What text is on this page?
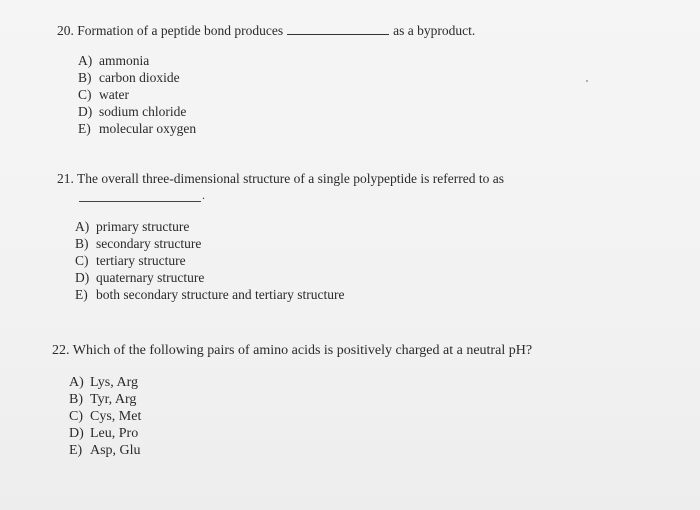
20. Formation of a peptide bond produces	as a byproduct.
A) ammonia
B) carbon dioxide
C) water
D) sodium chloride
E) molecular oxygen
21. The overall three-dimensional structure of a single polypeptide is referred to as
.
A) primary structure
B) secondary structure
C) tertiary structure
D) quaternary structure
E) both secondary structure and tertiary structure
22. Which of the following pairs of amino acids is positively charged at a neutral pH?
A) Lys, Arg
B) Tyr, Arg
C) Cys, Met
D) Leu, Pro
E) Asp, Glu
